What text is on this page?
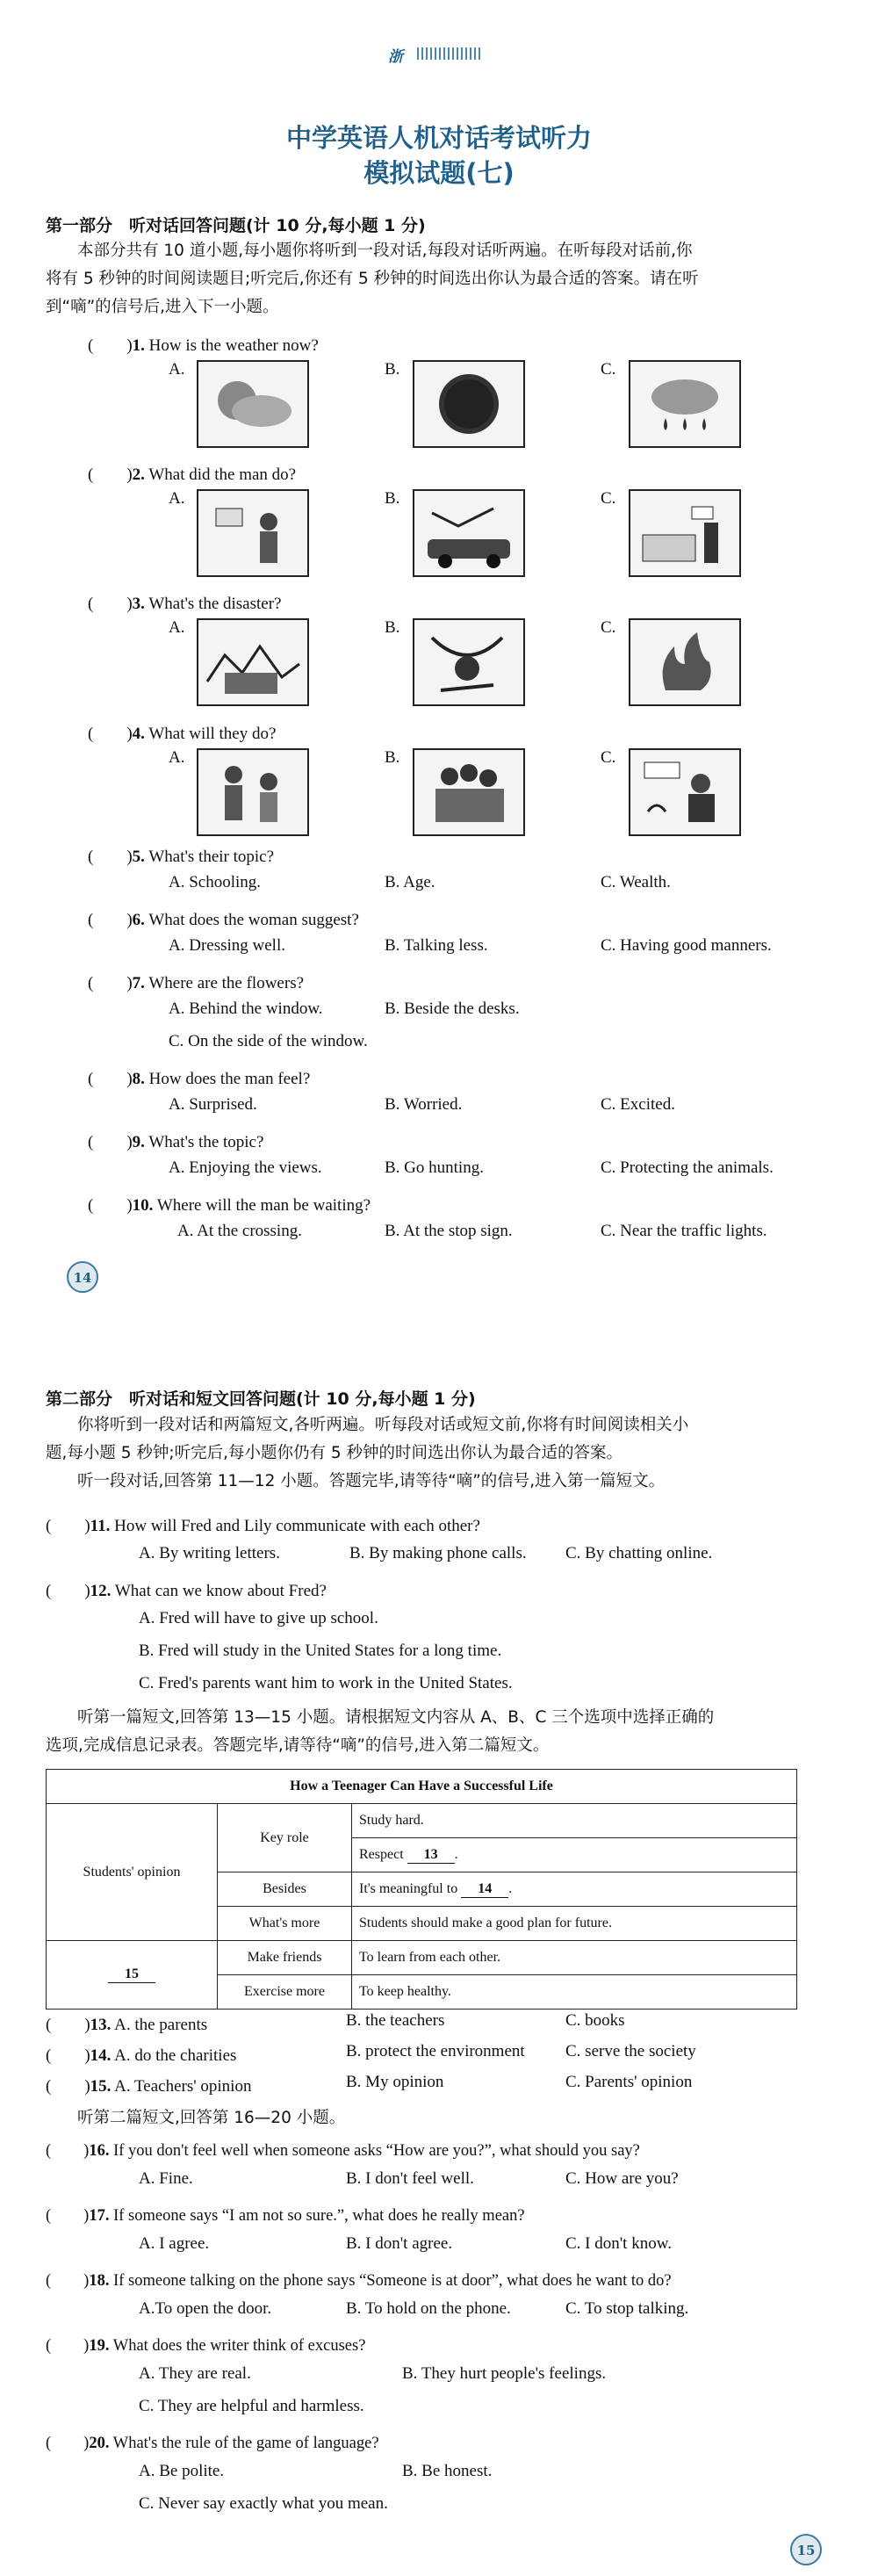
浙
中学英语人机对话考试听力
模拟试题(七)
第一部分　听对话回答问题(计 10 分,每小题 1 分)
本部分共有 10 道小题,每小题你将听到一段对话,每段对话听两遍。在听每段对话前,你
将有 5 秒钟的时间阅读题目;听完后,你还有 5 秒钟的时间选出你认为最合适的答案。请在听
到“嘀”的信号后,进入下一小题。
(　　)1. How is the weather now?
A.	B.	C.
(　　)2. What did the man do?
A.	B.	C.
(　　)3. What's the disaster?
A.	B.	C.
(　　)4. What will they do?
A.	B.	C.
(　　)5. What's their topic?
A. Schooling.	B. Age.	C. Wealth.
(　　)6. What does the woman suggest?
A. Dressing well.	B. Talking less.	C. Having good manners.
(　　)7. Where are the flowers?
A. Behind the window.	B. Beside the desks.
C. On the side of the window.
(　　)8. How does the man feel?
A. Surprised.	B. Worried.	C. Excited.
(　　)9. What's the topic?
A. Enjoying the views.	B. Go hunting.	C. Protecting the animals.
(　　)10. Where will the man be waiting?
A. At the crossing.	B. At the stop sign.	C. Near the traffic lights.
14
第二部分　听对话和短文回答问题(计 10 分,每小题 1 分)
你将听到一段对话和两篇短文,各听两遍。听每段对话或短文前,你将有时间阅读相关小
题,每小题 5 秒钟;听完后,每小题你仍有 5 秒钟的时间选出你认为最合适的答案。
听一段对话,回答第 11—12 小题。答题完毕,请等待“嘀”的信号,进入第一篇短文。
(　　)11. How will Fred and Lily communicate with each other?
A. By writing letters.	B. By making phone calls. C. By chatting online.
(　　)12. What can we know about Fred?
A. Fred will have to give up school.
B. Fred will study in the United States for a long time.
C. Fred's parents want him to work in the United States.
听第一篇短文,回答第 13—15 小题。请根据短文内容从 A、B、C 三个选项中选择正确的
选项,完成信息记录表。答题完毕,请等待“嘀”的信号,进入第二篇短文。
How a Teenager Can Have a Successful Life		
Students' opinion	Key role	Study hard.
		Respect 13 .
	Besides	It's meaningful to 14 .
	What's more	Students should make a good plan for future.
15	Make friends	To learn from each other.
	Exercise more	To keep healthy.
(　　)13. A. the parents	B. the teachers	C. books
(　　)14. A. do the charities	B. protect the environment C. serve the society
(　　)15. A. Teachers' opinion	B. My opinion	C. Parents' opinion
听第二篇短文,回答第 16—20 小题。
(　　)16. If you don't feel well when someone asks “How are you?”, what should you say?
A. Fine.	B. I don't feel well.	C. How are you?
(　　)17. If someone says “I am not so sure.”, what does he really mean?
A. I agree.	B. I don't agree.	C. I don't know.
(　　)18. If someone talking on the phone says “Someone is at door”, what does he want to do?
A.To open the door.	B. To hold on the phone.	C. To stop talking.
(　　)19. What does the writer think of excuses?
A. They are real.	B. They hurt people's feelings.
C. They are helpful and harmless.
(　　)20. What's the rule of the game of language?
A. Be polite.	B. Be honest.
C. Never say exactly what you mean.
15
